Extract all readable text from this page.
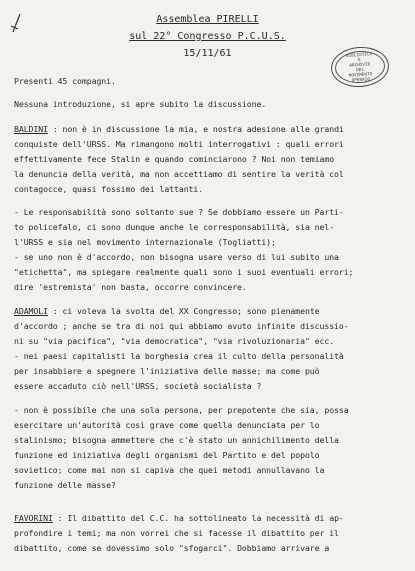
Assemblea PIRELLI
sul 22° Congresso P.C.U.S.
15/11/61	BIBLIOTECA
E
ARCHIVIO
DEL
MOVIMENTO
OPERAIO
Presenti 45 compagni.
Nessuna introduzione, si apre subito la discussione.
BALDINI : non è in discussione la mia, e nostra adesione alle grandi
conquiste dell'URSS. Ma rimangono molti interrogativi : quali errori
effettivamente fece Stalin e quando cominciarono ? Noi non temiamo
la denuncia della verità, ma non accettiamo di sentire la verità col
contagocce, quasi fossimo dei lattanti.
- Le responsabilità sono soltanto sue ? Se dobbiamo essere un Parti-
to policefalo, ci sono dunque anche le corresponsabilità, sia nel-
l'URSS e sia nel movimento internazionale (Togliatti);
- se uno non è d'accordo, non bisogna usare verso di lui subito una
"etichetta", ma spiegare realmente quali sono i suoi eventuali errori;
dire 'estremista' non basta, occorre convincere.
ADAMOLI : ci voleva la svolta del XX Congresso; sono pienamente
d'accordo ; anche se tra di noi qui abbiamo avuto infinite discussio-
ni su "via pacifica", "via democratica", "via rivoluzionaria" ecc.
- nei paesi capitalisti la borghesia crea il culto della personalità
per insabbiare e spegnere l'iniziativa delle masse; ma come può
essere accaduto ciò nell'URSS, società socialista ?
- non è possibile che una sola persona, per prepotente che sia, possa
esercitare un'autorità così grave come quella denunciata per lo
stalinismo; bisogna ammettere che c'è stato un annichilimento della
funzione ed iniziativa degli organismi del Partito e del popolo
sovietico; come mai non si capiva che quei metodi annullavano la
funzione delle masse?
FAVORINI : Il dibattito del C.C. ha sottolineato la necessità di ap-
profondire i temi; ma non vorrei che si facesse il dibattito per il
dibattito, come se dovessimo solo "sfogarci". Dobbiamo arrivare a
